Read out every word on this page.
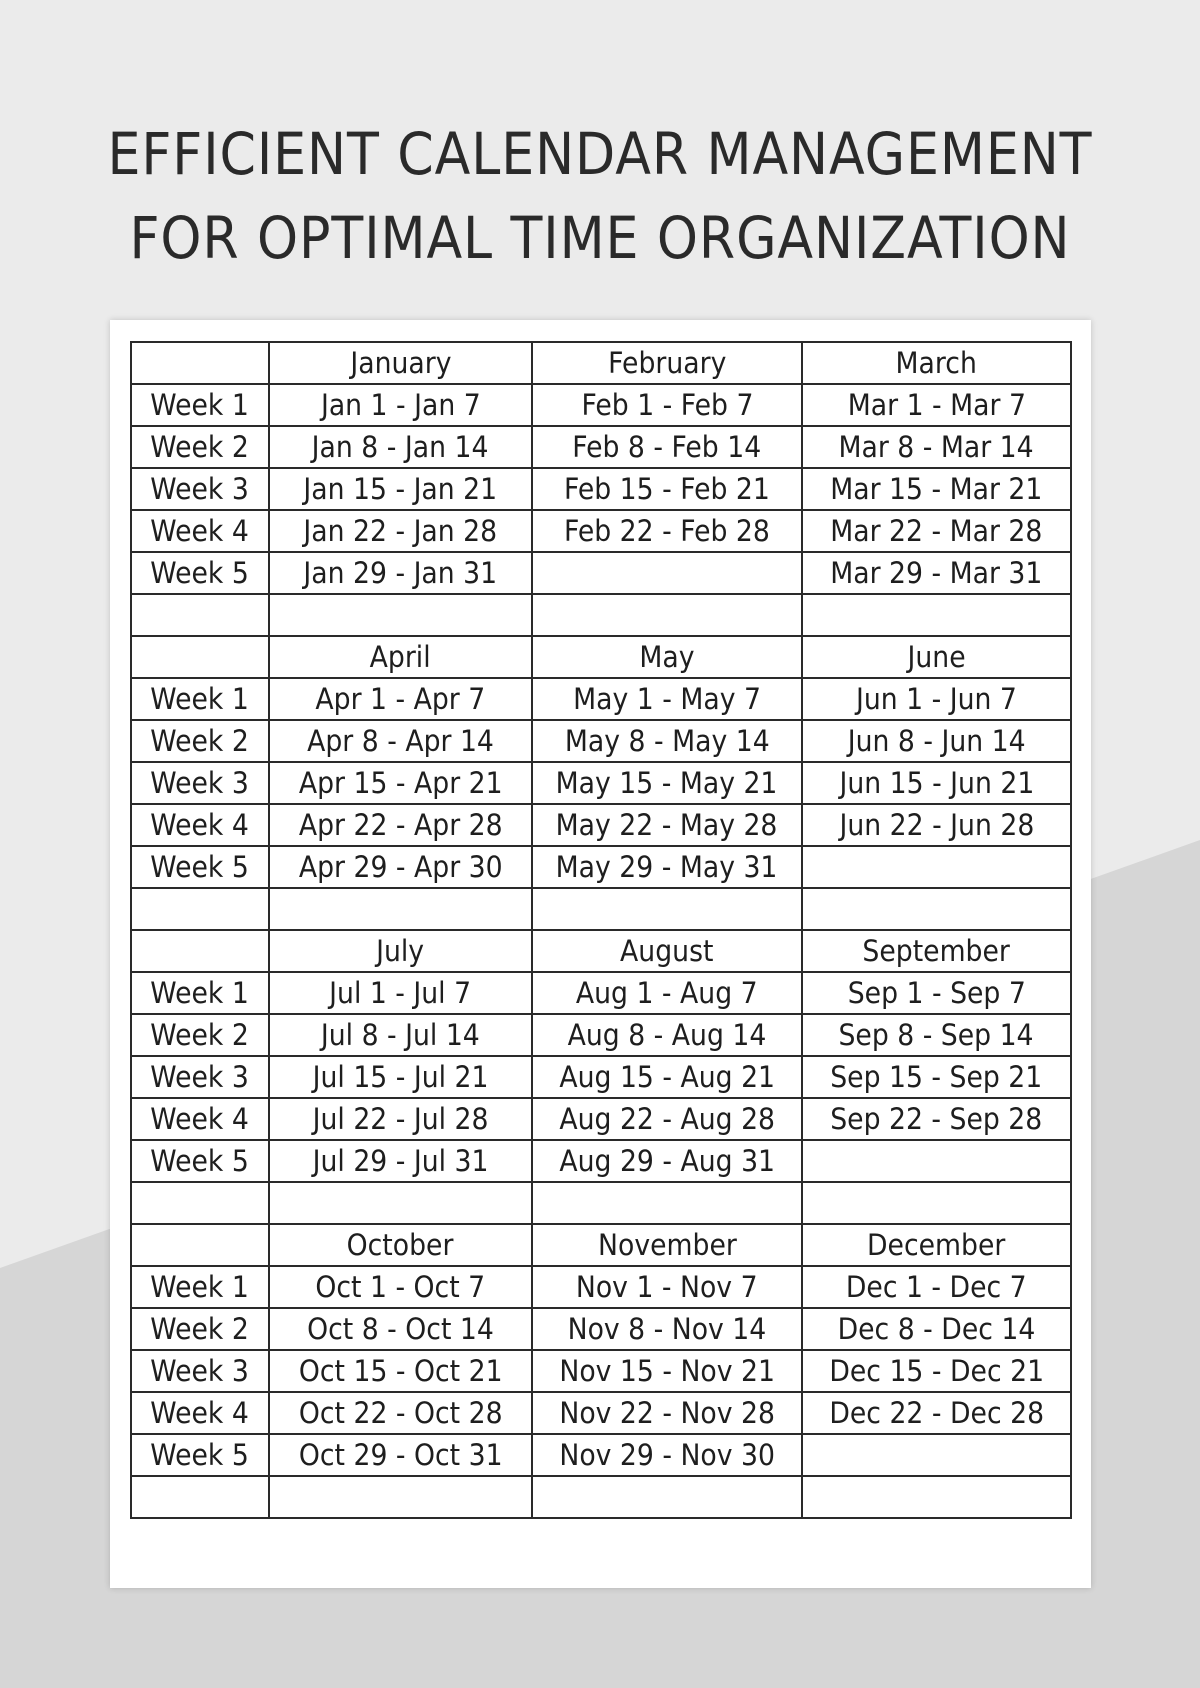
EFFICIENT CALENDAR MANAGEMENT
FOR OPTIMAL TIME ORGANIZATION
	January	February	March
Week 1	Jan 1 - Jan 7	Feb 1 - Feb 7	Mar 1 - Mar 7
Week 2	Jan 8 - Jan 14	Feb 8 - Feb 14	Mar 8 - Mar 14
Week 3	Jan 15 - Jan 21	Feb 15 - Feb 21	Mar 15 - Mar 21
Week 4	Jan 22 - Jan 28	Feb 22 - Feb 28	Mar 22 - Mar 28
Week 5	Jan 29 - Jan 31		Mar 29 - Mar 31

	April	May	June
Week 1	Apr 1 - Apr 7	May 1 - May 7	Jun 1 - Jun 7
Week 2	Apr 8 - Apr 14	May 8 - May 14	Jun 8 - Jun 14
Week 3	Apr 15 - Apr 21	May 15 - May 21	Jun 15 - Jun 21
Week 4	Apr 22 - Apr 28	May 22 - May 28	Jun 22 - Jun 28
Week 5	Apr 29 - Apr 30	May 29 - May 31	

	July	August	September
Week 1	Jul 1 - Jul 7	Aug 1 - Aug 7	Sep 1 - Sep 7
Week 2	Jul 8 - Jul 14	Aug 8 - Aug 14	Sep 8 - Sep 14
Week 3	Jul 15 - Jul 21	Aug 15 - Aug 21	Sep 15 - Sep 21
Week 4	Jul 22 - Jul 28	Aug 22 - Aug 28	Sep 22 - Sep 28
Week 5	Jul 29 - Jul 31	Aug 29 - Aug 31	

	October	November	December
Week 1	Oct 1 - Oct 7	Nov 1 - Nov 7	Dec 1 - Dec 7
Week 2	Oct 8 - Oct 14	Nov 8 - Nov 14	Dec 8 - Dec 14
Week 3	Oct 15 - Oct 21	Nov 15 - Nov 21	Dec 15 - Dec 21
Week 4	Oct 22 - Oct 28	Nov 22 - Nov 28	Dec 22 - Dec 28
Week 5	Oct 29 - Oct 31	Nov 29 - Nov 30	
